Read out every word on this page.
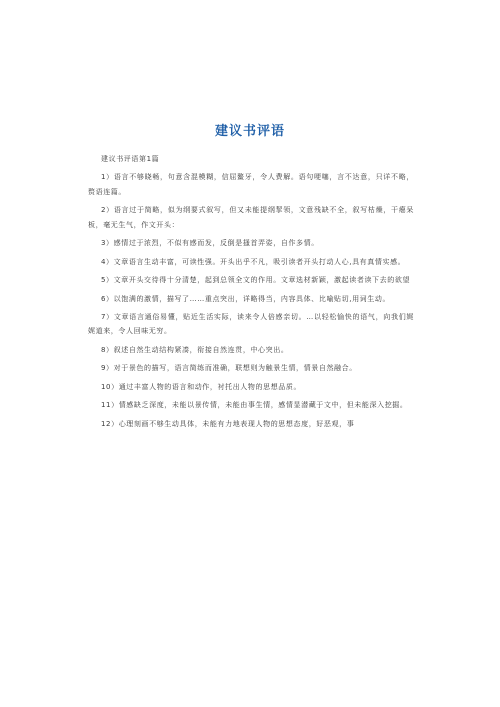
建议书评语

建议书评语第1篇

1）语言不够晓畅，句意含混模糊，信屈鳌牙，令人费解。语句哽噻，言不达意，只详不略，赘语连篇。

2）语言过于简略，似为纲要式叙写，但又未能提纲挈领，文意残缺不全，叙写枯燥，干瘪呆板，毫无生气，作文开头：

3）感情过于浓烈，不似有感而发，反倒是搔首弄姿，自作多情。

4）文章语言生动丰富，可读性强。开头出乎不凡，吸引读者开头打动人心,具有真情实感。

5）文章开头交待得十分清楚，起到总领全文的作用。文章选材新颖，激起读者读下去的欲望

6）以饱满的激情，描写了……重点突出，详略得当，内容具体、比喻贴切,用词生动。

7）文章语言通俗易懂，贴近生活实际，读来令人倍感亲切。…以轻松愉快的语气，向我们娓娓道来，令人回味无穷。

8）叙述自然生动结构紧凑，衔接自然连贯，中心突出。

9）对于景色的描写，语言简练而准确，联想则为触景生情，情景自然融合。

10）通过丰富人物的语言和动作，衬托出人物的思想品质。

11）情感缺乏深度，未能以景传情，未能由事生情，感情显潜藏于文中，但未能深入挖掘。

12）心理刻画不够生动具体，未能有力地表现人物的思想态度，好恶观，事
